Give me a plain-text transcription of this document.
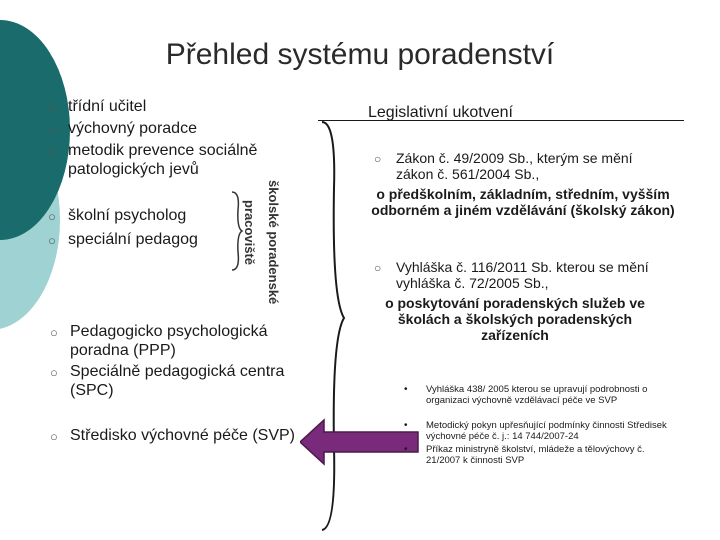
Přehled systému poradenství
○ třídní učitel
○ výchovný poradce
○ metodik prevence sociálně patologických jevů
○ školní psycholog
○ speciální pedagog	pracoviště školské poradenské
○ Pedagogicko psychologická poradna (PPP)
○ Speciálně pedagogická centra (SPC)
○ Středisko výchovné péče (SVP)
Legislativní ukotvení
○ Zákon č. 49/2009 Sb., kterým se mění zákon č. 561/2004 Sb.,
o předškolním, základním, středním, vyšším odborném a jiném vzdělávání (školský zákon)
○ Vyhláška č. 116/2011 Sb. kterou se mění vyhláška č. 72/2005 Sb.,
o poskytování poradenských služeb ve školách a školských poradenských zařízeních
• Vyhláška 438/ 2005 kterou se upravují podrobnosti o organizaci výchovně vzdělávací péče ve SVP
• Metodický pokyn upřesňující podmínky činnosti Středisek výchovné péče č. j.: 14 744/2007-24
• Příkaz ministryně školství, mládeže a tělovýchovy č. 21/2007 k činnosti SVP
